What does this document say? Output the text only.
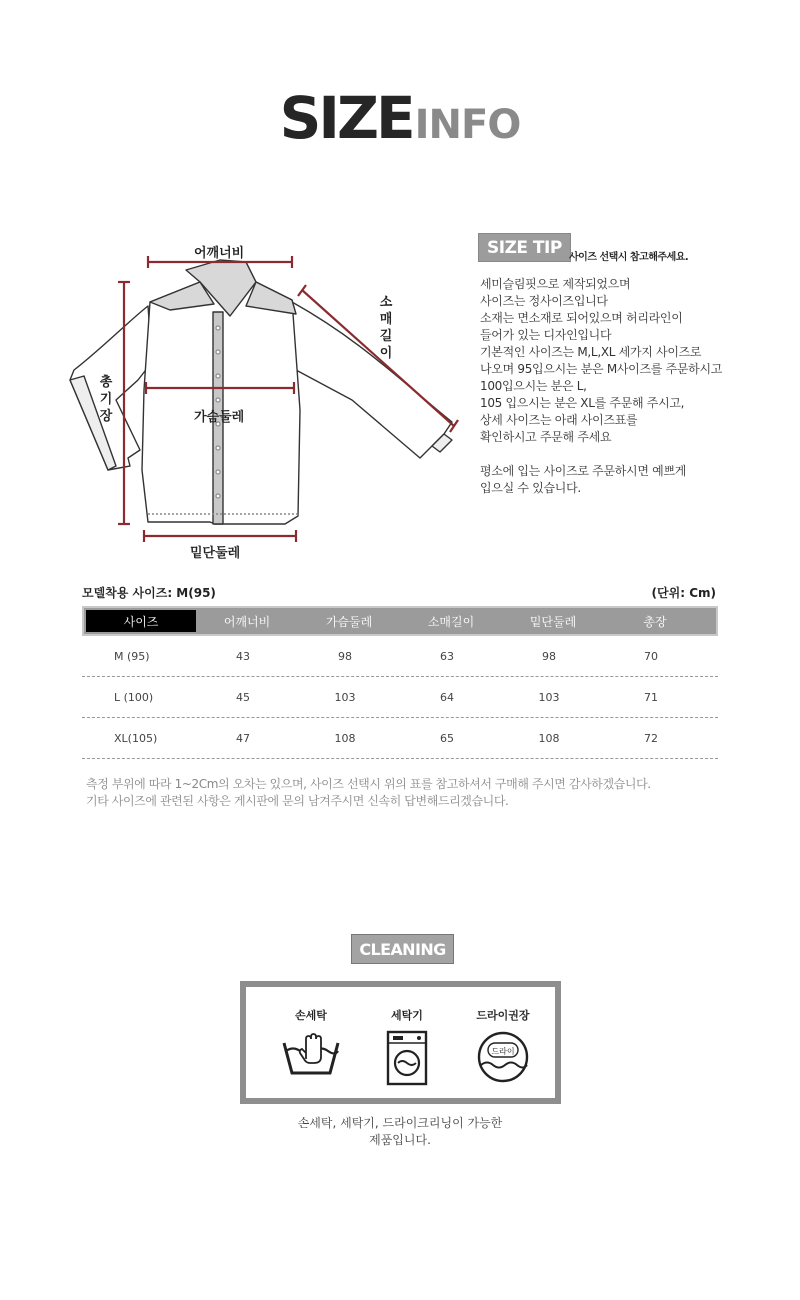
SIZEINFO
어깨너비
가슴둘레
밑단둘레
총
기
장
소
매
길
이
SIZE TIP 사이즈 선택시 참고해주세요.

세미슬림핏으로 제작되었으며

사이즈는 정사이즈입니다

소재는 면소재로 되어있으며 허리라인이

들어가 있는 디자인입니다

기본적인 사이즈는 M,L,XL 세가지 사이즈로

나오며 95입으시는 분은 M사이즈를 주문하시고

100입으시는 분은 L,

105 입으시는 분은 XL를 주문해 주시고,

상세 사이즈는 아래 사이즈표를

확인하시고 주문해 주세요

평소에 입는 사이즈로 주문하시면 예쁘게

입으실 수 있습니다.

모델착용 사이즈: M(95)	(단위: Cm)
사이즈	어깨너비	가슴둘레	소매길이	밑단둘레	총장
M (95)	43	98	63	98	70
L (100)	45	103	64	103	71
XL(105)	47	108	65	108	72

측정 부위에 따라 1~2Cm의 오차는 있으며, 사이즈 선택시 위의 표를 참고하셔서 구매해 주시면 감사하겠습니다.

기타 사이즈에 관련된 사항은 게시판에 문의 남겨주시면 신속히 답변해드리겠습니다.

CLEANING
손세탁	세탁기	드라이권장
드라이

손세탁, 세탁기, 드라이크리닝이 가능한

제품입니다.
